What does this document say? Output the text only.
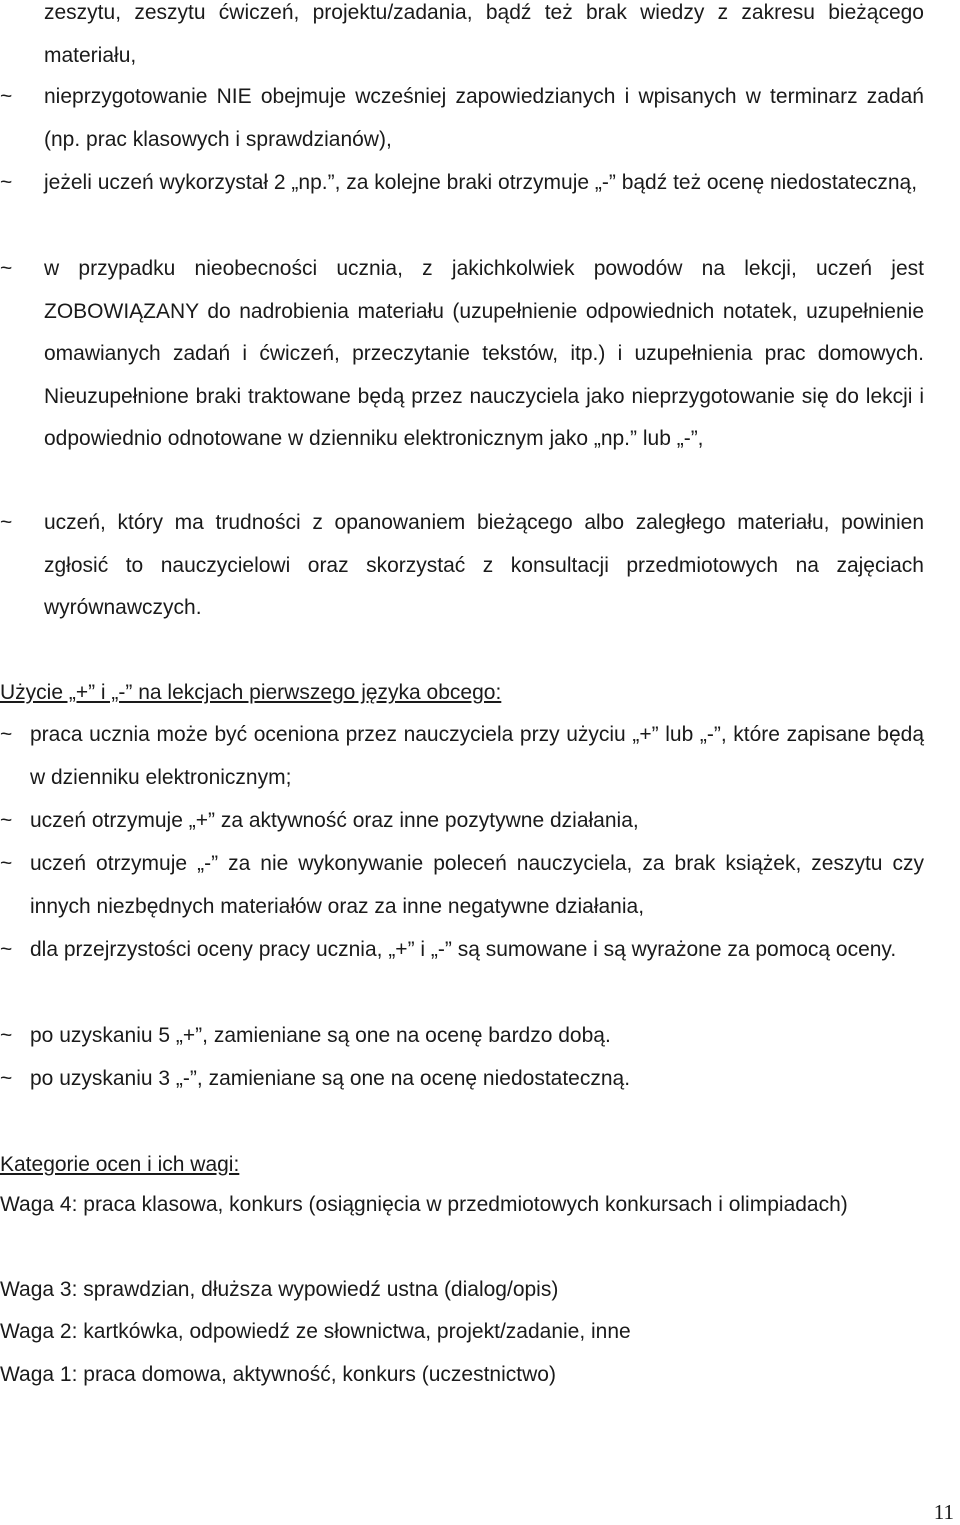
zeszytu, zeszytu ćwiczeń, projektu/zadania, bądź też brak wiedzy z zakresu bieżącego materiału,
~ nieprzygotowanie NIE obejmuje wcześniej zapowiedzianych i wpisanych w terminarz zadań (np. prac klasowych i sprawdzianów),
~ jeżeli uczeń wykorzystał 2 „np.”, za kolejne braki otrzymuje „-” bądź też ocenę niedostateczną,
~ w przypadku nieobecności ucznia, z jakichkolwiek powodów na lekcji, uczeń jest ZOBOWIĄZANY do nadrobienia materiału (uzupełnienie odpowiednich notatek, uzupełnienie omawianych zadań i ćwiczeń, przeczytanie tekstów, itp.) i uzupełnienia prac domowych. Nieuzupełnione braki traktowane będą przez nauczyciela jako nieprzygotowanie się do lekcji i odpowiednio odnotowane w dzienniku elektronicznym jako „np.” lub „-”,
~ uczeń, który ma trudności z opanowaniem bieżącego albo zaległego materiału, powinien zgłosić to nauczycielowi oraz skorzystać z konsultacji przedmiotowych na zajęciach wyrównawczych.
Użycie „+” i „-” na lekcjach pierwszego języka obcego:
~ praca ucznia może być oceniona przez nauczyciela przy użyciu „+” lub „-”, które zapisane będą w dzienniku elektronicznym;
~ uczeń otrzymuje „+” za aktywność oraz inne pozytywne działania,
~ uczeń otrzymuje „-” za nie wykonywanie poleceń nauczyciela, za brak książek, zeszytu czy innych niezbędnych materiałów oraz za inne negatywne działania,
~ dla przejrzystości oceny pracy ucznia, „+” i „-” są sumowane i są wyrażone za pomocą oceny.
~ po uzyskaniu 5 „+”, zamieniane są one na ocenę bardzo dobą.
~ po uzyskaniu 3 „-”, zamieniane są one na ocenę niedostateczną.
Kategorie ocen i ich wagi:
Waga 4: praca klasowa, konkurs (osiągnięcia w przedmiotowych konkursach i olimpiadach)
Waga 3: sprawdzian, dłuższa wypowiedź ustna (dialog/opis)
Waga 2: kartkówka, odpowiedź ze słownictwa, projekt/zadanie, inne
Waga 1: praca domowa, aktywność, konkurs (uczestnictwo)
11
